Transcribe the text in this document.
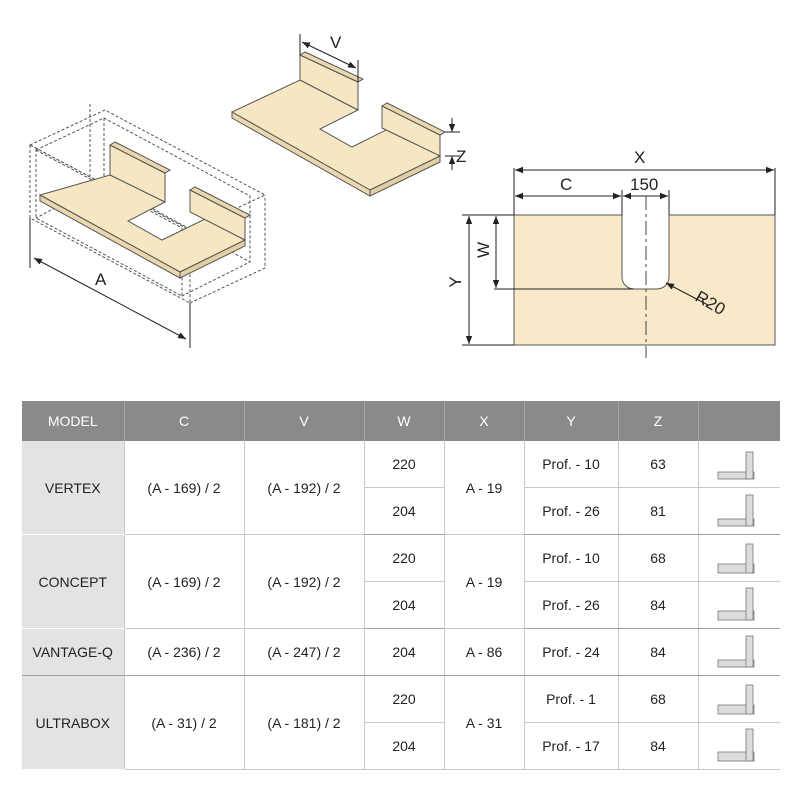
A
V
Z	X
C	150
Y
W
R20
MODEL	C	V	W	X	Y	Z	
VERTEX	(A - 169) / 2	(A - 192) / 2	220	A - 19	Prof. - 10	63	
			204		Prof. - 26	81	
CONCEPT	(A - 169) / 2	(A - 192) / 2	220	A - 19	Prof. - 10	68	
			204		Prof. - 26	84	
VANTAGE-Q	(A - 236) / 2	(A - 247) / 2	204	A - 86	Prof. - 24	84	
ULTRABOX	(A - 31) / 2	(A - 181) / 2	220	A - 31	Prof. - 1	68	
			204		Prof. - 17	84	
